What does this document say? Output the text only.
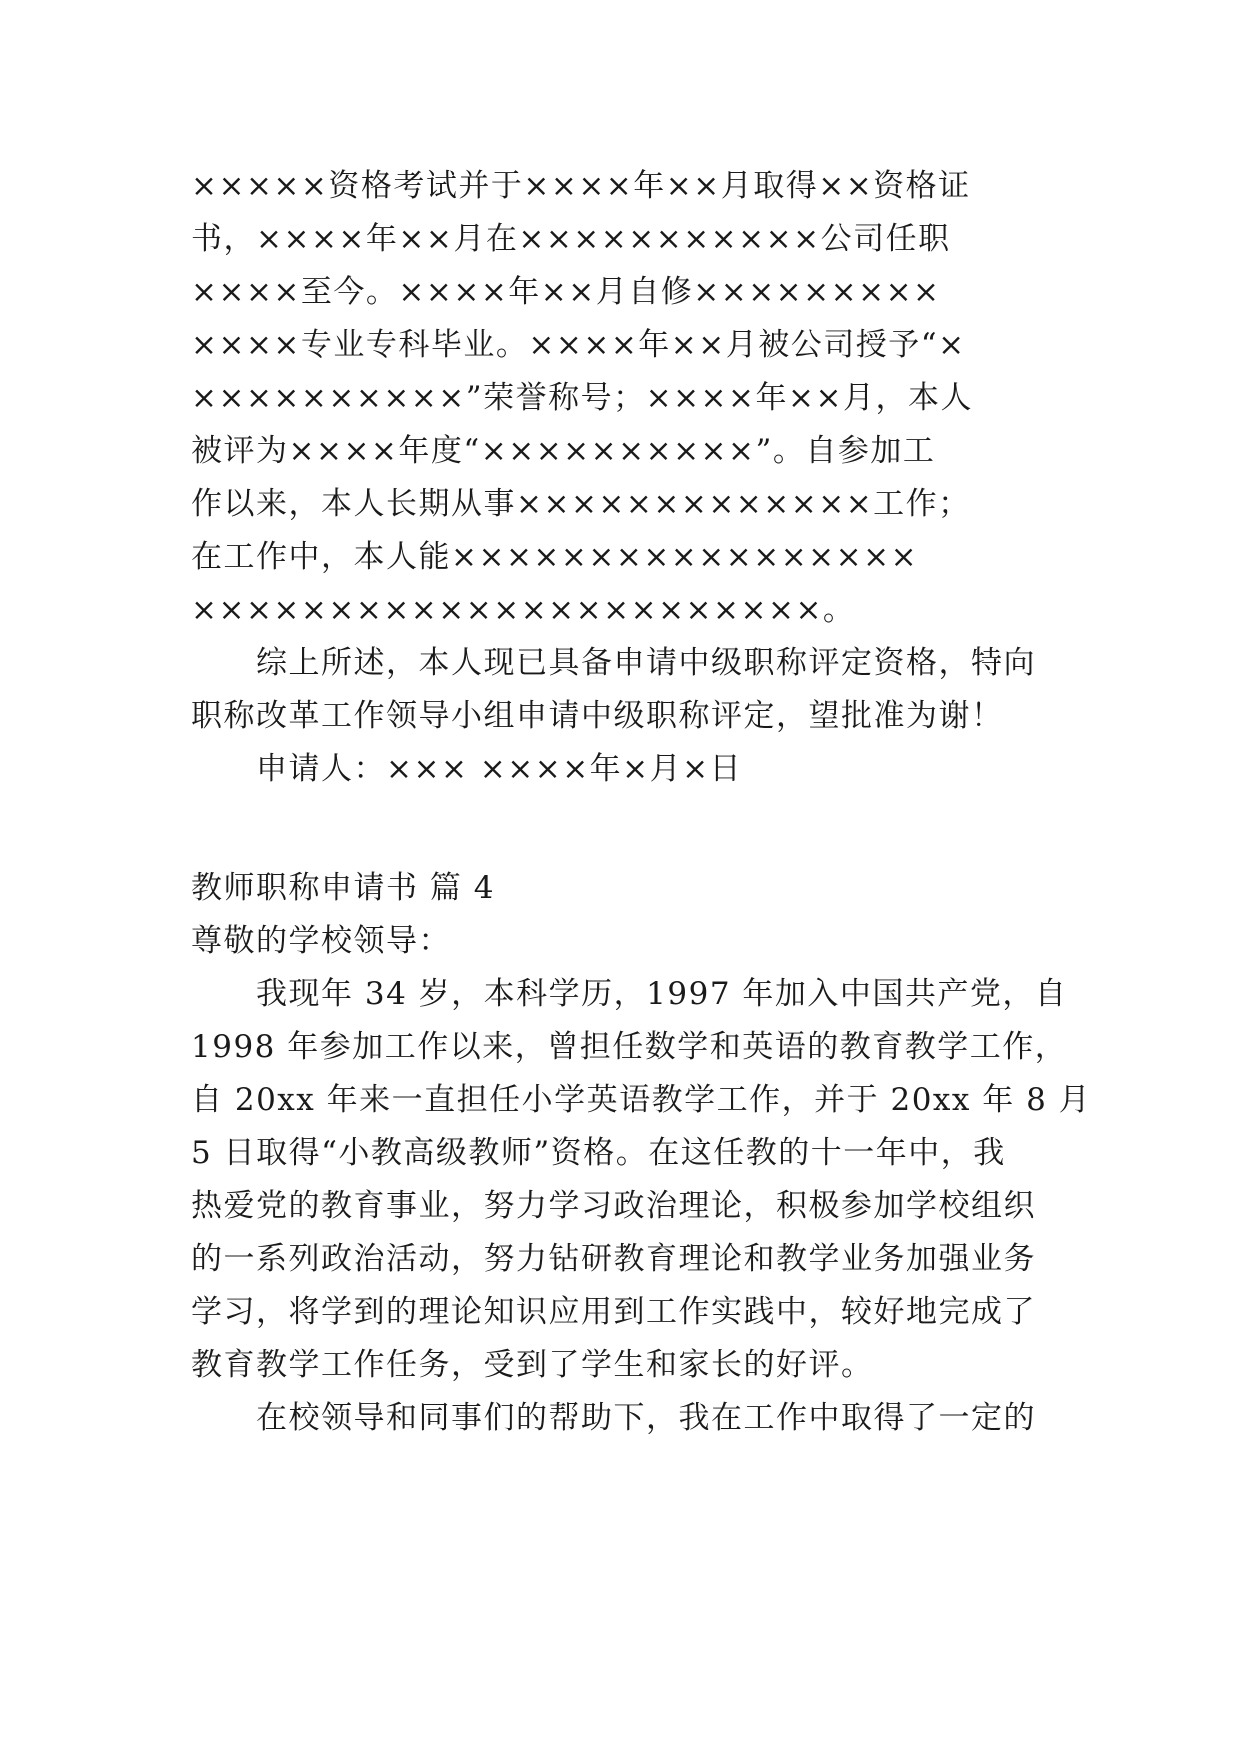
×××××资格考试并于××××年××月取得××资格证
书，××××年××月在×××××××××××公司任职
××××至今。××××年××月自修×××××××××
××××专业专科毕业。××××年××月被公司授予“×
××××××××××”荣誉称号；××××年××月，本人
被评为××××年度“××××××××××”。自参加工
作以来，本人长期从事×××××××××××××工作；
在工作中，本人能×××××××××××××××××
×××××××××××××××××××××××。
综上所述，本人现已具备申请中级职称评定资格，特向
职称改革工作领导小组申请中级职称评定，望批准为谢！
申请人：××× ××××年×月×日
教师职称申请书 篇 4
尊敬的学校领导：
我现年 34 岁，本科学历，1997 年加入中国共产党，自
1998 年参加工作以来，曾担任数学和英语的教育教学工作，
自 20xx 年来一直担任小学英语教学工作，并于 20xx 年 8 月
5 日取得“小教高级教师”资格。在这任教的十一年中，我
热爱党的教育事业，努力学习政治理论，积极参加学校组织
的一系列政治活动，努力钻研教育理论和教学业务加强业务
学习，将学到的理论知识应用到工作实践中，较好地完成了
教育教学工作任务，受到了学生和家长的好评。
在校领导和同事们的帮助下，我在工作中取得了一定的
